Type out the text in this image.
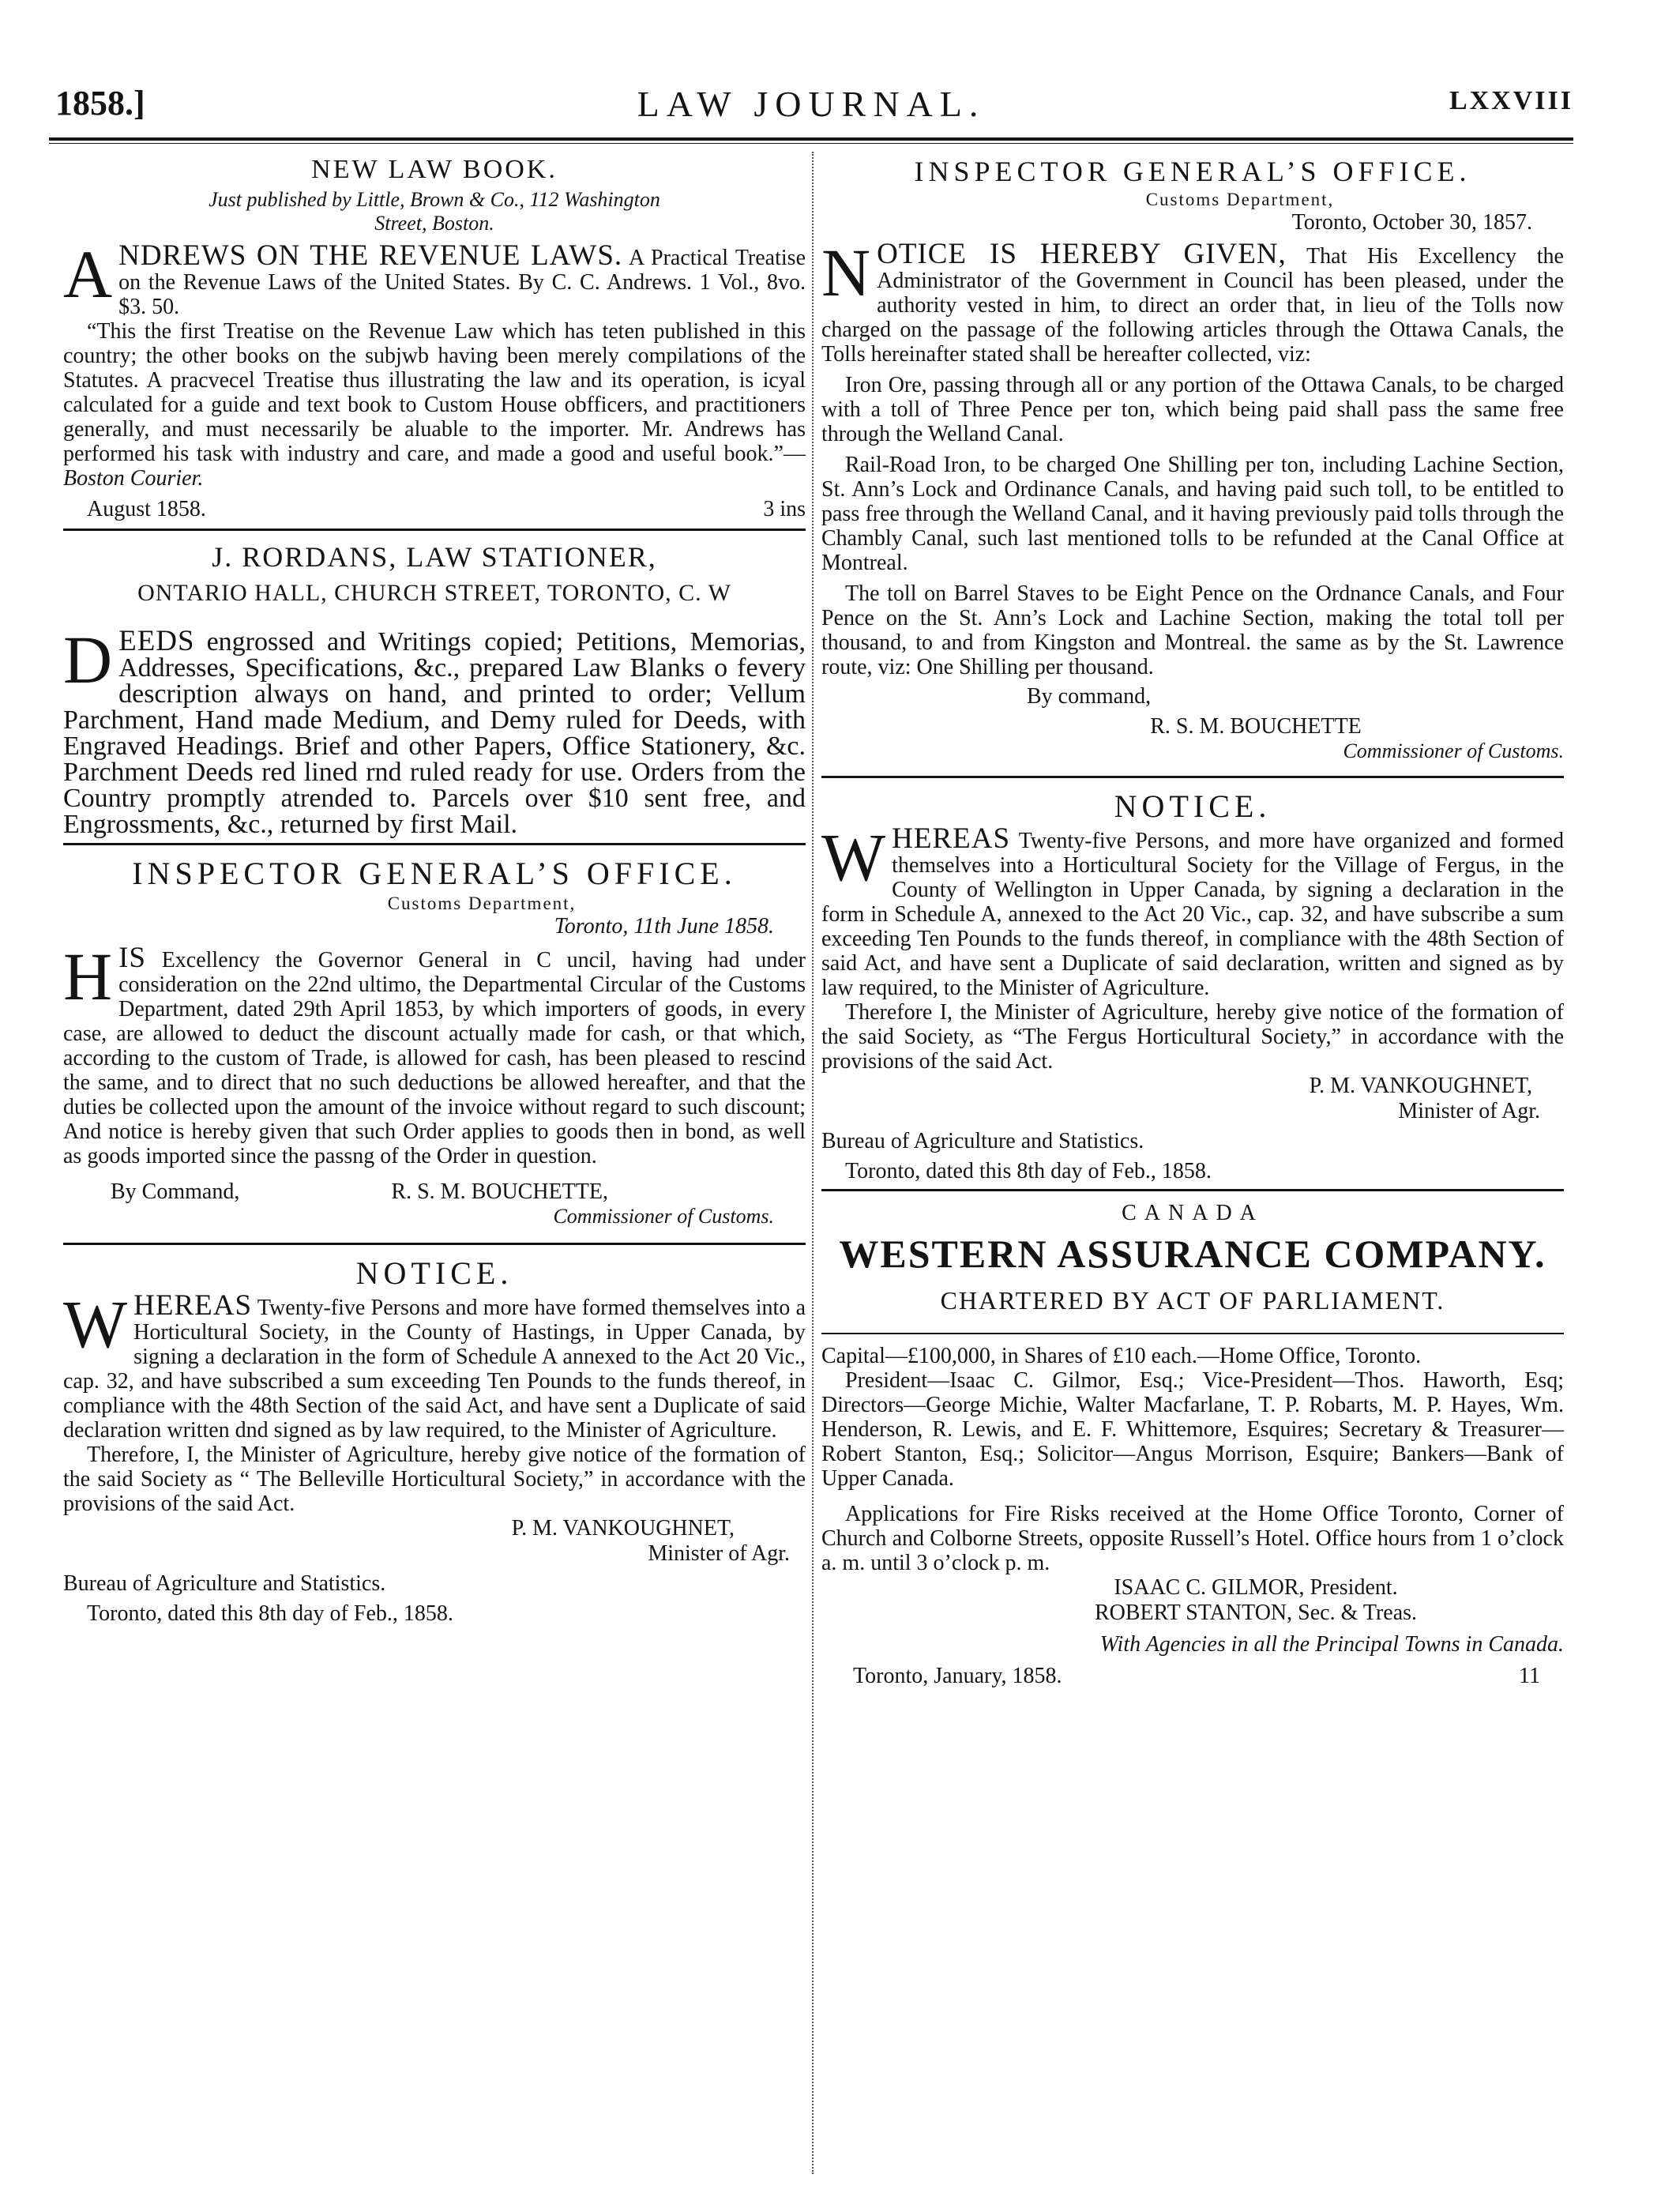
1858.]	LAW JOURNAL.	LXXVIII
NEW LAW BOOK.
Just published by Little, Brown & Co., 112 Washington
Street, Boston.

A NDREWS ON THE REVENUE LAWS. A Practical Treatise on the Revenue Laws of the United States. By C. C. Andrews. 1 Vol., 8vo. $3. 50.

“This the first Treatise on the Revenue Law which has teten published in this country; the other books on the subjwb having been merely compilations of the Statutes. A pracvecel Treatise thus illustrating the law and its operation, is icyal calculated for a guide and text book to Custom House obfficers, and practitioners generally, and must necessarily be aluable to the importer. Mr. Andrews has performed his task with industry and care, and made a good and useful book.”— Boston Courier.

August 1858.	3 ins
J. RORDANS, LAW STATIONER,
ONTARIO HALL, CHURCH STREET, TORONTO, C. W

D EEDS engrossed and Writings copied; Petitions, Memorias, Addresses, Specifications, &c., prepared Law Blanks o fevery description always on hand, and printed to order; Vellum Parchment, Hand made Medium, and Demy ruled for Deeds, with Engraved Headings. Brief and other Papers, Office Stationery, &c. Parchment Deeds red lined rnd ruled ready for use. Orders from the Country promptly atrended to. Parcels over $10 sent free, and Engrossments, &c., returned by first Mail.

INSPECTOR GENERAL’S OFFICE.
Customs Department,
Toronto, 11th June 1858.

H IS Excellency the Governor General in C uncil, having had under consideration on the 22nd ultimo, the Departmental Circular of the Customs Department, dated 29th April 1853, by which importers of goods, in every case, are allowed to deduct the discount actually made for cash, or that which, according to the custom of Trade, is allowed for cash, has been pleased to rescind the same, and to direct that no such deductions be allowed hereafter, and that the duties be collected upon the amount of the invoice without regard to such discount; And notice is hereby given that such Order applies to goods then in bond, as well as goods imported since the passng of the Order in question.

By Command,	R. S. M. BOUCHETTE,
Commissioner of Customs.
NOTICE.

W HEREAS Twenty-five Persons and more have formed themselves into a Horticultural Society, in the County of Hastings, in Upper Canada, by signing a declaration in the form of Schedule A annexed to the Act 20 Vic., cap. 32, and have subscribed a sum exceeding Ten Pounds to the funds thereof, in compliance with the 48th Section of the said Act, and have sent a Duplicate of said declaration written dnd signed as by law required, to the Minister of Agriculture.

Therefore, I, the Minister of Agriculture, hereby give notice of the formation of the said Society as “ The Belleville Horticultural Society,” in accordance with the provisions of the said Act.

P. M. VANKOUGHNET,
Minister of Agr.
Bureau of Agriculture and Statistics.
Toronto, dated this 8th day of Feb., 1858.
INSPECTOR GENERAL’S OFFICE.
Customs Department,
Toronto, October 30, 1857.

N OTICE IS HEREBY GIVEN, That His Excellency the Administrator of the Government in Council has been pleased, under the authority vested in him, to direct an order that, in lieu of the Tolls now charged on the passage of the following articles through the Ottawa Canals, the Tolls hereinafter stated shall be hereafter collected, viz:

Iron Ore, passing through all or any portion of the Ottawa Canals, to be charged with a toll of Three Pence per ton, which being paid shall pass the same free through the Welland Canal.

Rail-Road Iron, to be charged One Shilling per ton, including Lachine Section, St. Ann’s Lock and Ordinance Canals, and having paid such toll, to be entitled to pass free through the Welland Canal, and it having previously paid tolls through the Chambly Canal, such last mentioned tolls to be refunded at the Canal Office at Montreal.

The toll on Barrel Staves to be Eight Pence on the Ordnance Canals, and Four Pence on the St. Ann’s Lock and Lachine Section, making the total toll per thousand, to and from Kingston and Montreal. the same as by the St. Lawrence route, viz: One Shilling per thousand.

By command,
R. S. M. BOUCHETTE
Commissioner of Customs.
NOTICE.

W HEREAS Twenty-five Persons, and more have organized and formed themselves into a Horticultural Society for the Village of Fergus, in the County of Wellington in Upper Canada, by signing a declaration in the form in Schedule A, annexed to the Act 20 Vic., cap. 32, and have subscribe a sum exceeding Ten Pounds to the funds thereof, in compliance with the 48th Section of said Act, and have sent a Duplicate of said declaration, written and signed as by law required, to the Minister of Agriculture.

Therefore I, the Minister of Agriculture, hereby give notice of the formation of the said Society, as “The Fergus Horticultural Society,” in accordance with the provisions of the said Act.

P. M. VANKOUGHNET,
Minister of Agr.
Bureau of Agriculture and Statistics.
Toronto, dated this 8th day of Feb., 1858.
CANADA
WESTERN ASSURANCE COMPANY.
CHARTERED BY ACT OF PARLIAMENT.

Capital—£100,000, in Shares of £10 each.—Home Office, Toronto.

President—Isaac C. Gilmor, Esq.; Vice-President—Thos. Haworth, Esq; Directors—George Michie, Walter Macfarlane, T. P. Robarts, M. P. Hayes, Wm. Henderson, R. Lewis, and E. F. Whittemore, Esquires; Secretary & Treasurer—Robert Stanton, Esq.; Solicitor—Angus Morrison, Esquire; Bankers—Bank of Upper Canada.

Applications for Fire Risks received at the Home Office Toronto, Corner of Church and Colborne Streets, opposite Russell’s Hotel. Office hours from 1 o’clock a. m. until 3 o’clock p. m.

ISAAC C. GILMOR, President.
ROBERT STANTON, Sec. & Treas.
With Agencies in all the Principal Towns in Canada.
Toronto, January, 1858.	11
